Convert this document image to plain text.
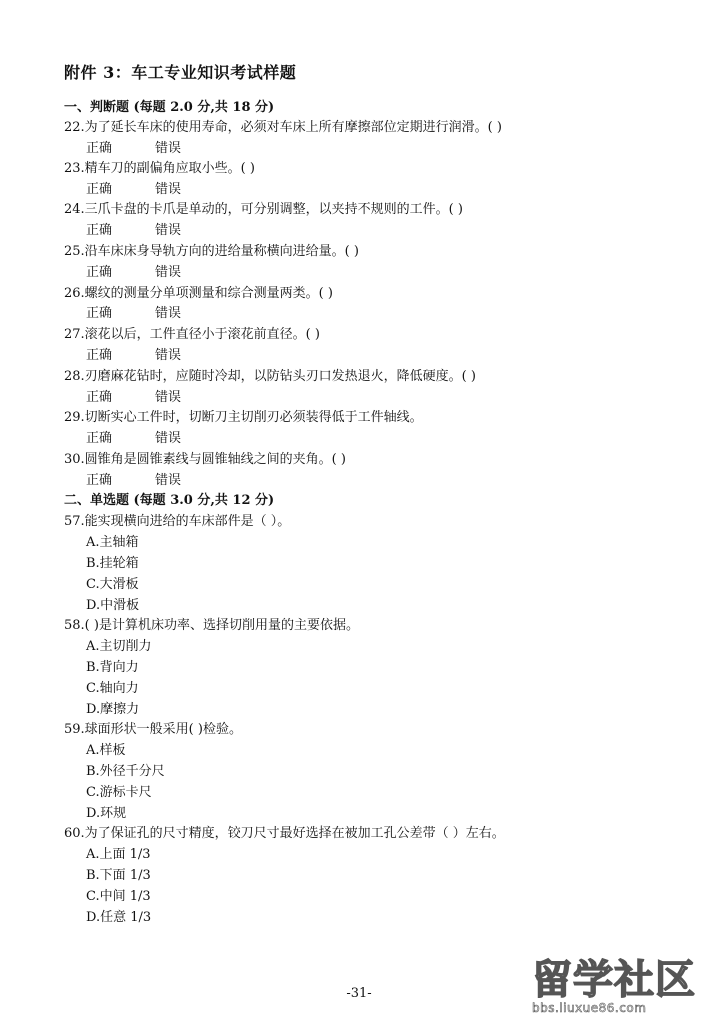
附件 3：车工专业知识考试样题
一、判断题 (每题 2.0 分,共 18 分)
22.为了延长车床的使用寿命，必须对车床上所有摩擦部位定期进行润滑。( )
正确	错误
23.精车刀的副偏角应取小些。( )
正确	错误
24.三爪卡盘的卡爪是单动的，可分别调整，以夹持不规则的工件。( )
正确	错误
25.沿车床床身导轨方向的进给量称横向进给量。( )
正确	错误
26.螺纹的测量分单项测量和综合测量两类。( )
正确	错误
27.滚花以后，工件直径小于滚花前直径。( )
正确	错误
28.刃磨麻花钻时，应随时冷却，以防钻头刃口发热退火，降低硬度。( )
正确	错误
29.切断实心工件时，切断刀主切削刃必须装得低于工件轴线。
正确	错误
30.圆锥角是圆锥素线与圆锥轴线之间的夹角。( )
正确	错误
二、单选题 (每题 3.0 分,共 12 分)
57.能实现横向进给的车床部件是（ ）。
A.主轴箱
B.挂轮箱
C.大滑板
D.中滑板
58.( )是计算机床功率、选择切削用量的主要依据。
A.主切削力
B.背向力
C.轴向力
D.摩擦力
59.球面形状一般采用( )检验。
A.样板
B.外径千分尺
C.游标卡尺
D.环规
60.为了保证孔的尺寸精度，铰刀尺寸最好选择在被加工孔公差带（ ）左右。
A.上面 1/3
B.下面 1/3
C.中间 1/3
D.任意 1/3
-31-	留学社区
bbs.liuxue86.com
